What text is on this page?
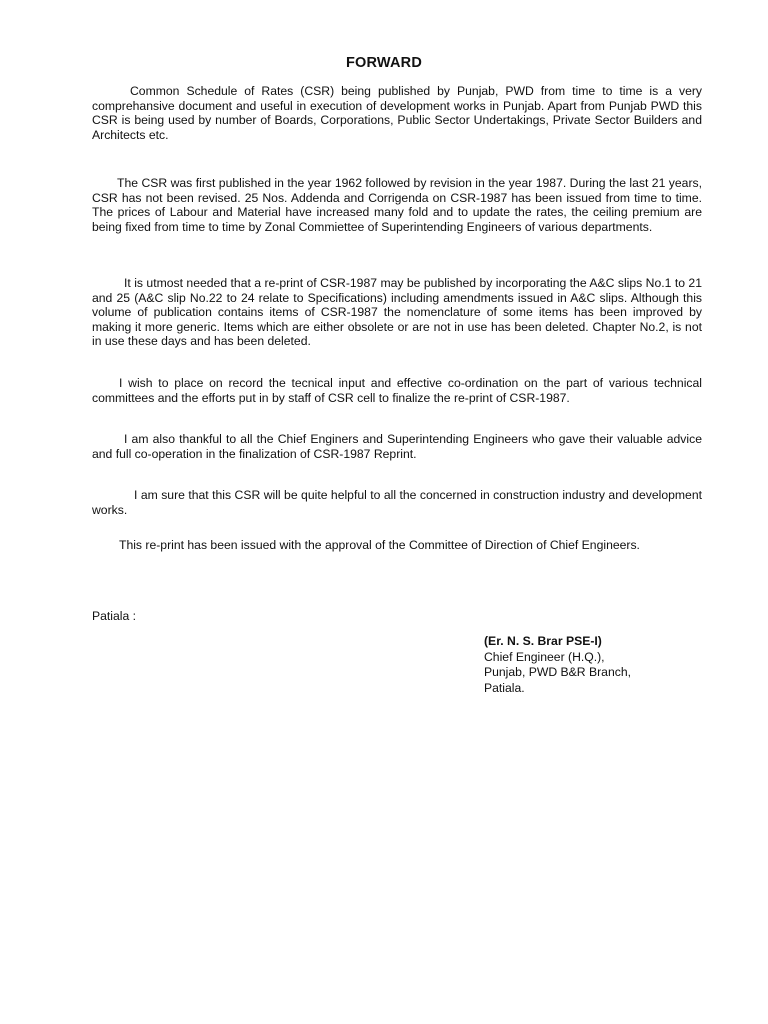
FORWARD

Common Schedule of Rates (CSR) being published by Punjab, PWD from time to time is a very comprehansive document and useful in execution of development works in Punjab. Apart from Punjab PWD this CSR is being used by number of Boards, Corporations, Public Sector Undertakings, Private Sector Builders and Architects etc.

The CSR was first published in the year 1962 followed by revision in the year 1987. During the last 21 years, CSR has not been revised. 25 Nos. Addenda and Corrigenda on CSR-1987 has been issued from time to time. The prices of Labour and Material have increased many fold and to update the rates, the ceiling premium are being fixed from time to time by Zonal Commiettee of Superintending Engineers of various departments.

It is utmost needed that a re-print of CSR-1987 may be published by incorporating the A&C slips No.1 to 21 and 25 (A&C slip No.22 to 24 relate to Specifications) including amendments issued in A&C slips. Although this volume of publication contains items of CSR-1987 the nomenclature of some items has been improved by making it more generic. Items which are either obsolete or are not in use has been deleted. Chapter No.2, is not in use these days and has been deleted.

I wish to place on record the tecnical input and effective co-ordination on the part of various technical committees and the efforts put in by staff of CSR cell to finalize the re-print of CSR-1987.

I am also thankful to all the Chief Enginers and Superintending Engineers who gave their valuable advice and full co-operation in the finalization of CSR-1987 Reprint.

I am sure that this CSR will be quite helpful to all the concerned in construction industry and development works.

This re-print has been issued with the approval of the Committee of Direction of Chief Engineers.

Patiala :
(Er. N. S. Brar PSE-I)
Chief Engineer (H.Q.),
Punjab, PWD B&R Branch,
Patiala.
